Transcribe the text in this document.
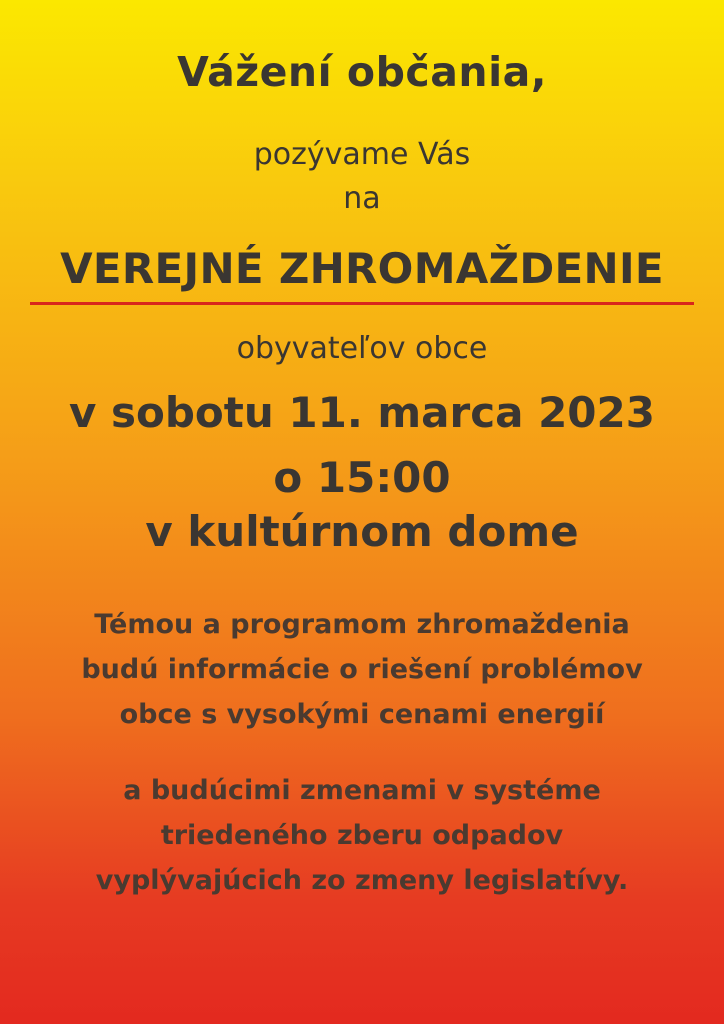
Vážení občania,
pozývame Vás
na
VEREJNÉ ZHROMAŽDENIE
obyvateľov obce
v sobotu 11. marca 2023
o 15:00
v kultúrnom dome
Témou a programom zhromaždenia
budú informácie o riešení problémov
obce s vysokými cenami energií
a budúcimi zmenami v systéme
triedeného zberu odpadov
vyplývajúcich zo zmeny legislatívy.
